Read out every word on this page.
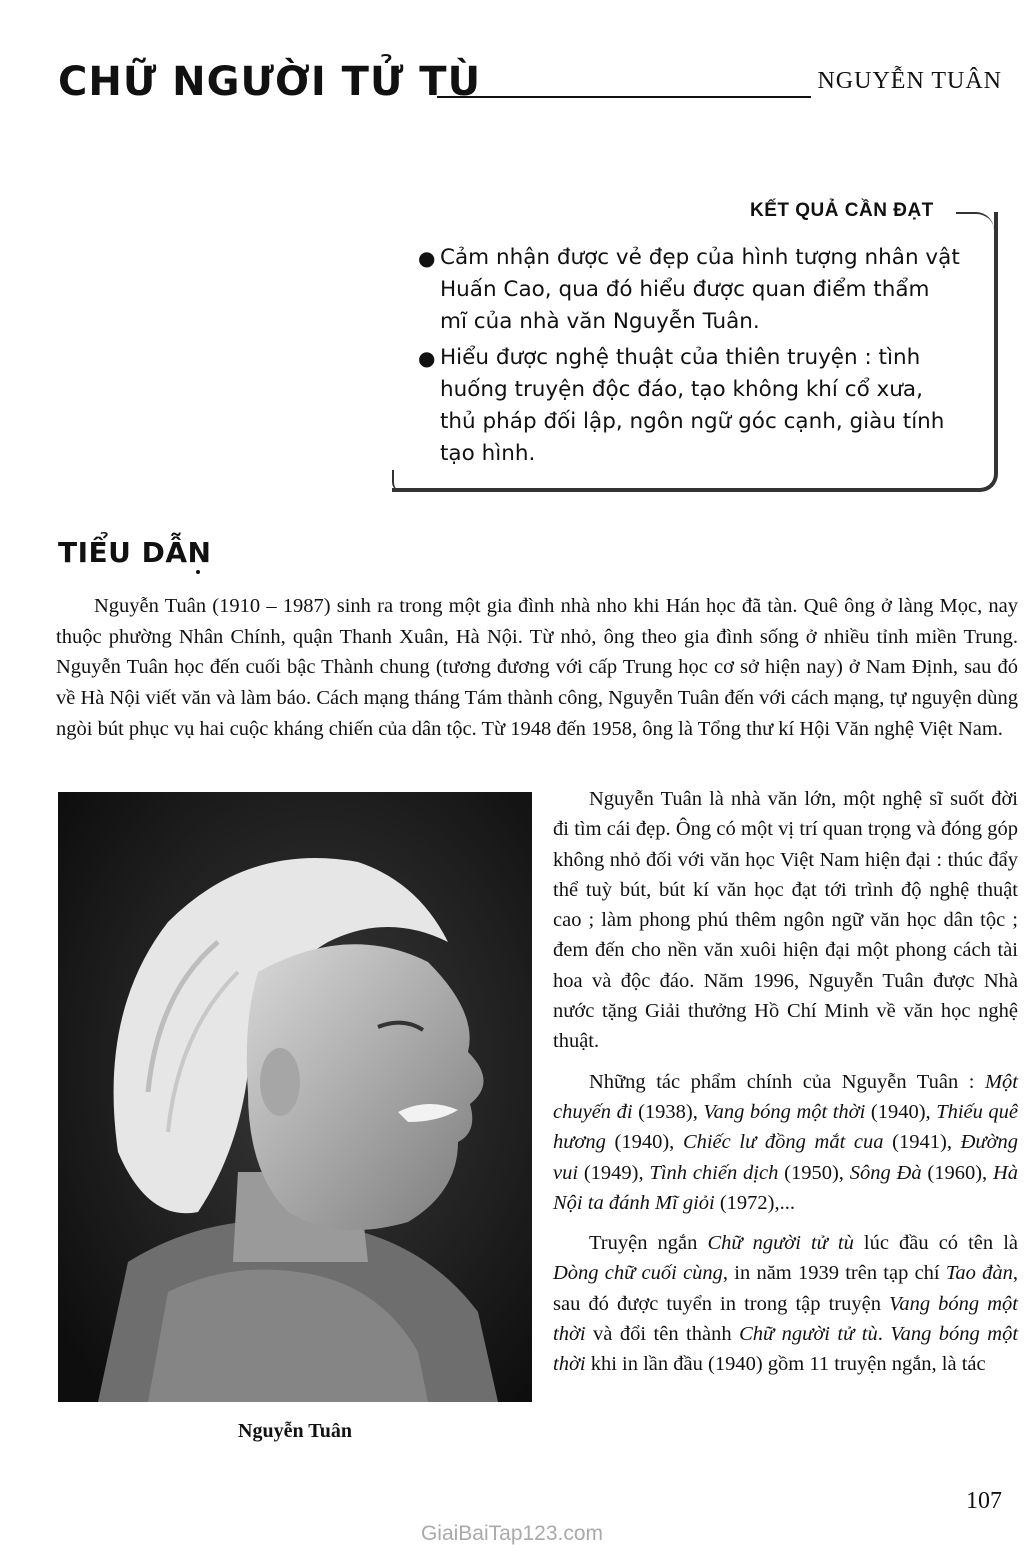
CHỮ NGƯỜI TỬ TÙ	NGUYỄN TUÂN
KẾT QUẢ CẦN ĐẠT
● Cảm nhận được vẻ đẹp của hình tượng nhân vật Huấn Cao, qua đó hiểu được quan điểm thẩm mĩ của nhà văn Nguyễn Tuân.
● Hiểu được nghệ thuật của thiên truyện : tình huống truyện độc đáo, tạo không khí cổ xưa, thủ pháp đối lập, ngôn ngữ góc cạnh, giàu tính tạo hình.
TIỂU DẪN

Nguyễn Tuân (1910 – 1987) sinh ra trong một gia đình nhà nho khi Hán học đã tàn. Quê ông ở làng Mọc, nay thuộc phường Nhân Chính, quận Thanh Xuân, Hà Nội. Từ nhỏ, ông theo gia đình sống ở nhiều tỉnh miền Trung. Nguyễn Tuân học đến cuối bậc Thành chung (tương đương với cấp Trung học cơ sở hiện nay) ở Nam Định, sau đó về Hà Nội viết văn và làm báo. Cách mạng tháng Tám thành công, Nguyễn Tuân đến với cách mạng, tự nguyện dùng ngòi bút phục vụ hai cuộc kháng chiến của dân tộc. Từ 1948 đến 1958, ông là Tổng thư kí Hội Văn nghệ Việt Nam.

Nguyễn Tuân

Nguyễn Tuân là nhà văn lớn, một nghệ sĩ suốt đời đi tìm cái đẹp. Ông có một vị trí quan trọng và đóng góp không nhỏ đối với văn học Việt Nam hiện đại : thúc đẩy thể tuỳ bút, bút kí văn học đạt tới trình độ nghệ thuật cao ; làm phong phú thêm ngôn ngữ văn học dân tộc ; đem đến cho nền văn xuôi hiện đại một phong cách tài hoa và độc đáo. Năm 1996, Nguyễn Tuân được Nhà nước tặng Giải thưởng Hồ Chí Minh về văn học nghệ thuật.

Những tác phẩm chính của Nguyễn Tuân : Một chuyến đi (1938), Vang bóng một thời (1940), Thiếu quê hương (1940), Chiếc lư đồng mắt cua (1941), Đường vui (1949), Tình chiến dịch (1950), Sông Đà (1960), Hà Nội ta đánh Mĩ giỏi (1972),...

Truyện ngắn Chữ người tử tù lúc đầu có tên là Dòng chữ cuối cùng, in năm 1939 trên tạp chí Tao đàn, sau đó được tuyển in trong tập truyện Vang bóng một thời và đổi tên thành Chữ người tử tù. Vang bóng một thời khi in lần đầu (1940) gồm 11 truyện ngắn, là tác

107
GiaiBaiTap123.com
